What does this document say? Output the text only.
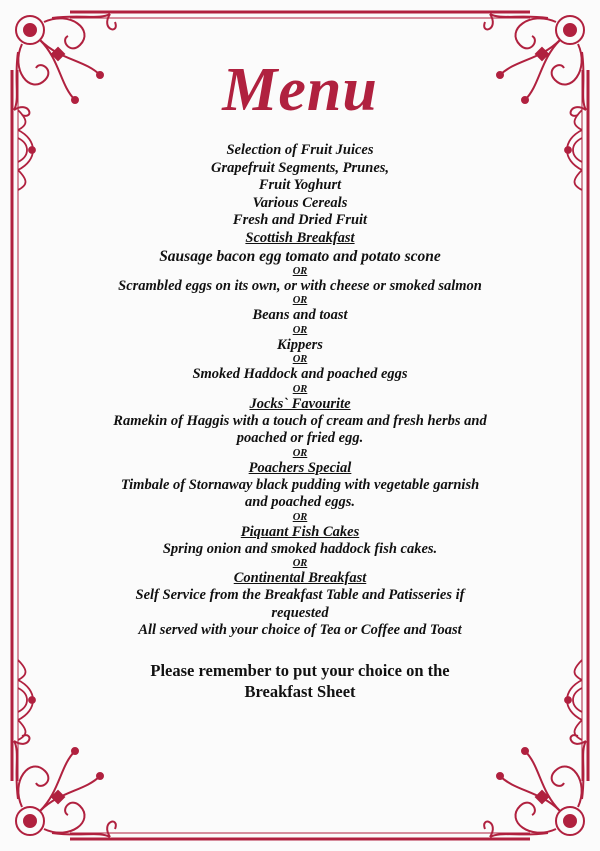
Menu

Selection of Fruit Juices

Grapefruit Segments, Prunes,

Fruit Yoghurt

Various Cereals

Fresh and Dried Fruit

Scottish Breakfast

Sausage bacon egg tomato and potato scone

OR

Scrambled eggs on its own, or with cheese or smoked salmon

OR

Beans and toast

OR

Kippers

OR

Smoked Haddock and poached eggs

OR

Jocks` Favourite

Ramekin of Haggis with a touch of cream and fresh herbs and

poached or fried egg.

OR

Poachers Special

Timbale of Stornaway black pudding with vegetable garnish

and poached eggs.

OR

Piquant Fish Cakes

Spring onion and smoked haddock fish cakes.

OR

Continental Breakfast

Self Service from the Breakfast Table and Patisseries if

requested

All served with your choice of Tea or Coffee and Toast

Please remember to put your choice on the

Breakfast Sheet
